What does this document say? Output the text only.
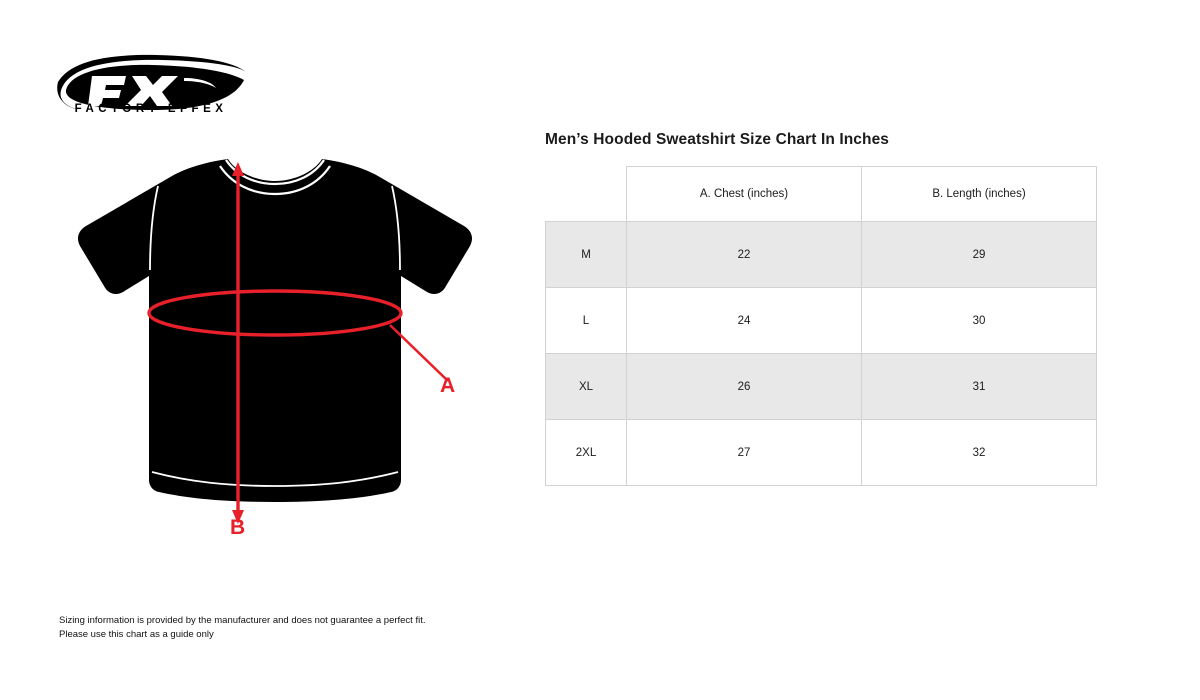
FACTORY EFFEX
A
B
Men’s Hooded Sweatshirt Size Chart In Inches
	A. Chest (inches)	B. Length (inches)
M	22	29
L	24	30
XL	26	31
2XL	27	32
Sizing information is provided by the manufacturer and does not guarantee a perfect fit.
Please use this chart as a guide only
